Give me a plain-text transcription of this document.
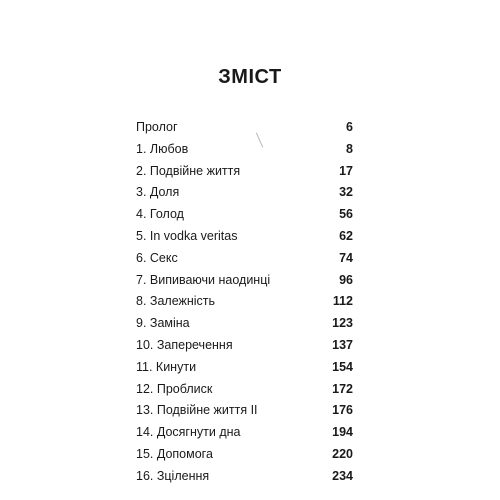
ЗМІСТ
Пролог	6
1. Любов	8
2. Подвійне життя	17
3. Доля	32
4. Голод	56
5. In vodka veritas	62
6. Секс	74
7. Випиваючи наодинці	96
8. Залежність	112
9. Заміна	123
10. Заперечення	137
11. Кинути	154
12. Проблиск	172
13. Подвійне життя II	176
14. Досягнути дна	194
15. Допомога	220
16. Зцілення	234
